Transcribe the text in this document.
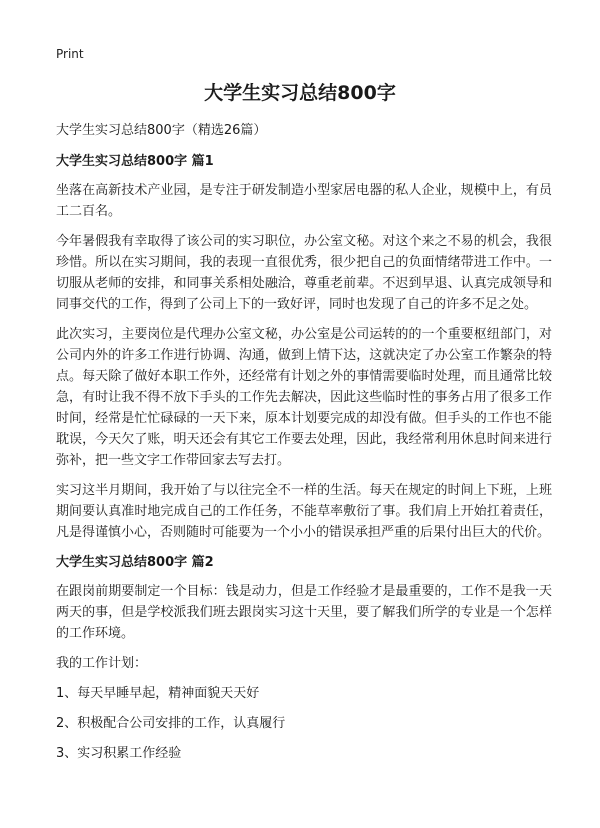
Print
大学生实习总结800字

大学生实习总结800字（精选26篇）

大学生实习总结800字 篇1

坐落在高新技术产业园，是专注于研发制造小型家居电器的私人企业，规模中上，有员工二百名。

今年暑假我有幸取得了该公司的实习职位，办公室文秘。对这个来之不易的机会，我很珍惜。所以在实习期间，我的表现一直很优秀，很少把自己的负面情绪带进工作中。一切服从老师的安排，和同事关系相处融洽，尊重老前辈。不迟到早退、认真完成领导和同事交代的工作，得到了公司上下的一致好评，同时也发现了自己的许多不足之处。

此次实习，主要岗位是代理办公室文秘，办公室是公司运转的的一个重要枢纽部门，对公司内外的许多工作进行协调、沟通，做到上情下达，这就决定了办公室工作繁杂的特点。每天除了做好本职工作外，还经常有计划之外的事情需要临时处理，而且通常比较急，有时让我不得不放下手头的工作先去解决，因此这些临时性的事务占用了很多工作时间，经常是忙忙碌碌的一天下来，原本计划要完成的却没有做。但手头的工作也不能耽误，今天欠了账，明天还会有其它工作要去处理，因此，我经常利用休息时间来进行弥补，把一些文字工作带回家去写去打。

实习这半月期间，我开始了与以往完全不一样的生活。每天在规定的时间上下班，上班期间要认真准时地完成自己的工作任务，不能草率敷衍了事。我们肩上开始扛着责任，凡是得谨慎小心，否则随时可能要为一个小小的错误承担严重的后果付出巨大的代价。

大学生实习总结800字 篇2

在跟岗前期要制定一个目标：钱是动力，但是工作经验才是最重要的，工作不是我一天两天的事，但是学校派我们班去跟岗实习这十天里，要了解我们所学的专业是一个怎样的工作环境。

我的工作计划：

1、每天早睡早起，精神面貌天天好

2、积极配合公司安排的工作，认真履行

3、实习积累工作经验
